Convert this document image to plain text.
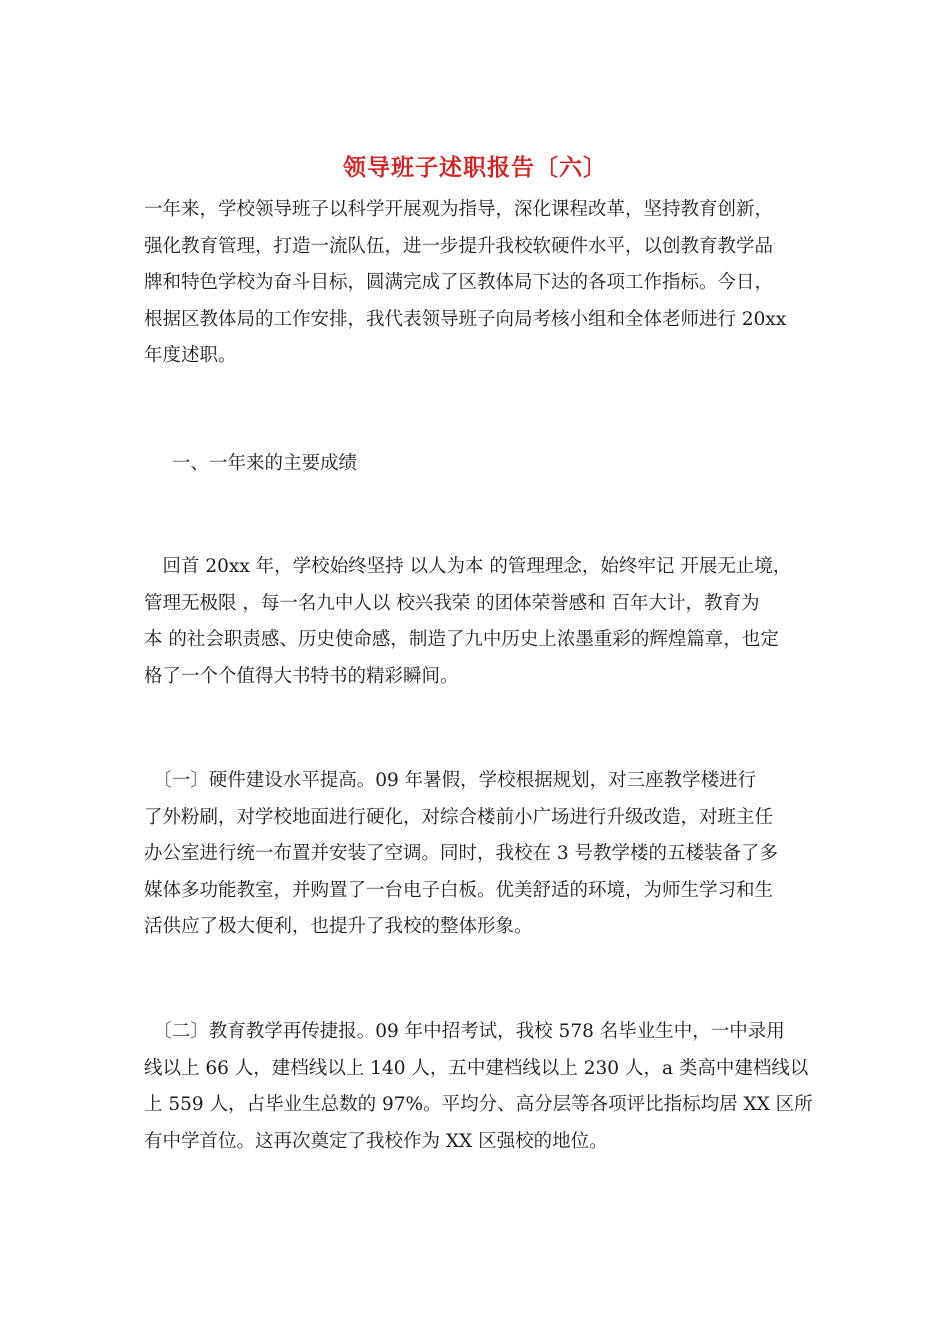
领导班子述职报告〔六〕
一年来，学校领导班子以科学开展观为指导，深化课程改革，坚持教育创新，
强化教育管理，打造一流队伍，进一步提升我校软硬件水平，以创教育教学品
牌和特色学校为奋斗目标，圆满完成了区教体局下达的各项工作指标。今日，
根据区教体局的工作安排，我代表领导班子向局考核小组和全体老师进行 20xx
年度述职。
一、一年来的主要成绩
　回首 20xx 年，学校始终坚持 以人为本 的管理理念，始终牢记 开展无止境，
管理无极限 ，每一名九中人以 校兴我荣 的团体荣誉感和 百年大计，教育为
本 的社会职责感、历史使命感，制造了九中历史上浓墨重彩的辉煌篇章，也定
格了一个个值得大书特书的精彩瞬间。
　〔一〕硬件建设水平提高。09 年暑假，学校根据规划，对三座教学楼进行
了外粉刷，对学校地面进行硬化，对综合楼前小广场进行升级改造，对班主任
办公室进行统一布置并安装了空调。同时，我校在 3 号教学楼的五楼装备了多
媒体多功能教室，并购置了一台电子白板。优美舒适的环境，为师生学习和生
活供应了极大便利，也提升了我校的整体形象。
　〔二〕教育教学再传捷报。09 年中招考试，我校 578 名毕业生中，一中录用
线以上 66 人，建档线以上 140 人，五中建档线以上 230 人，a 类高中建档线以
上 559 人，占毕业生总数的 97%。平均分、高分层等各项评比指标均居 XX 区所
有中学首位。这再次奠定了我校作为 XX 区强校的地位。
